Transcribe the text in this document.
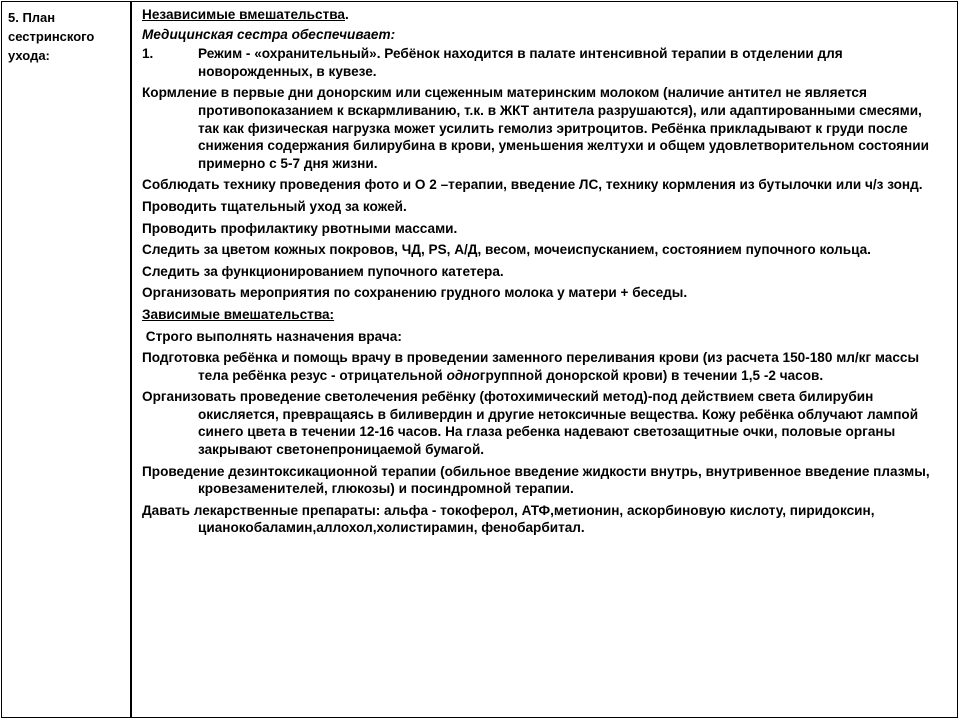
5. План сестринского ухода:

Независимые вмешательства.

Медицинская сестра обеспечивает:

1.	Режим - «охранительный». Ребёнок находится в палате интенсивной терапии в отделении для новорожденных, в кувезе.

Кормление в первые дни донорским или сцеженным материнским молоком (наличие антител не является противопоказанием к вскармливанию, т.к. в ЖКТ антитела разрушаются), или адаптированными смесями, так как физическая нагрузка может усилить гемолиз эритроцитов. Ребёнка прикладывают к груди после снижения содержания билирубина в крови, уменьшения желтухи и общем удовлетворительном состоянии примерно с 5-7 дня жизни.

Соблюдать технику проведения фото и О 2 –терапии, введение ЛС, технику кормления из бутылочки или ч/з зонд.

Проводить тщательный уход за кожей.

Проводить профилактику рвотными массами.

Следить за цветом кожных покровов, ЧД, PS, А/Д, весом, мочеиспусканием, состоянием пупочного кольца.

Следить за функционированием пупочного катетера.

Организовать мероприятия по сохранению грудного молока у матери + беседы.

Зависимые вмешательства:

Строго выполнять назначения врача:

Подготовка ребёнка и помощь врачу в проведении заменного переливания крови (из расчета 150-180 мл/кг массы тела ребёнка резус - отрицательной одногруппной донорской крови) в течении 1,5 -2 часов.

Организовать проведение светолечения ребёнку (фотохимический метод)-под действием света билирубин окисляется, превращаясь в биливердин и другие нетоксичные вещества. Кожу ребёнка облучают лампой синего цвета в течении 12-16 часов. На глаза ребенка надевают светозащитные очки, половые органы закрывают светонепроницаемой бумагой.

Проведение дезинтоксикационной терапии (обильное введение жидкости внутрь, внутривенное введение плазмы, кровезаменителей, глюкозы) и посиндромной терапии.

Давать лекарственные препараты: альфа - токоферол, АТФ,метионин, аскорбиновую кислоту, пиридоксин, цианокобаламин,аллохол,холистирамин, фенобарбитал.
